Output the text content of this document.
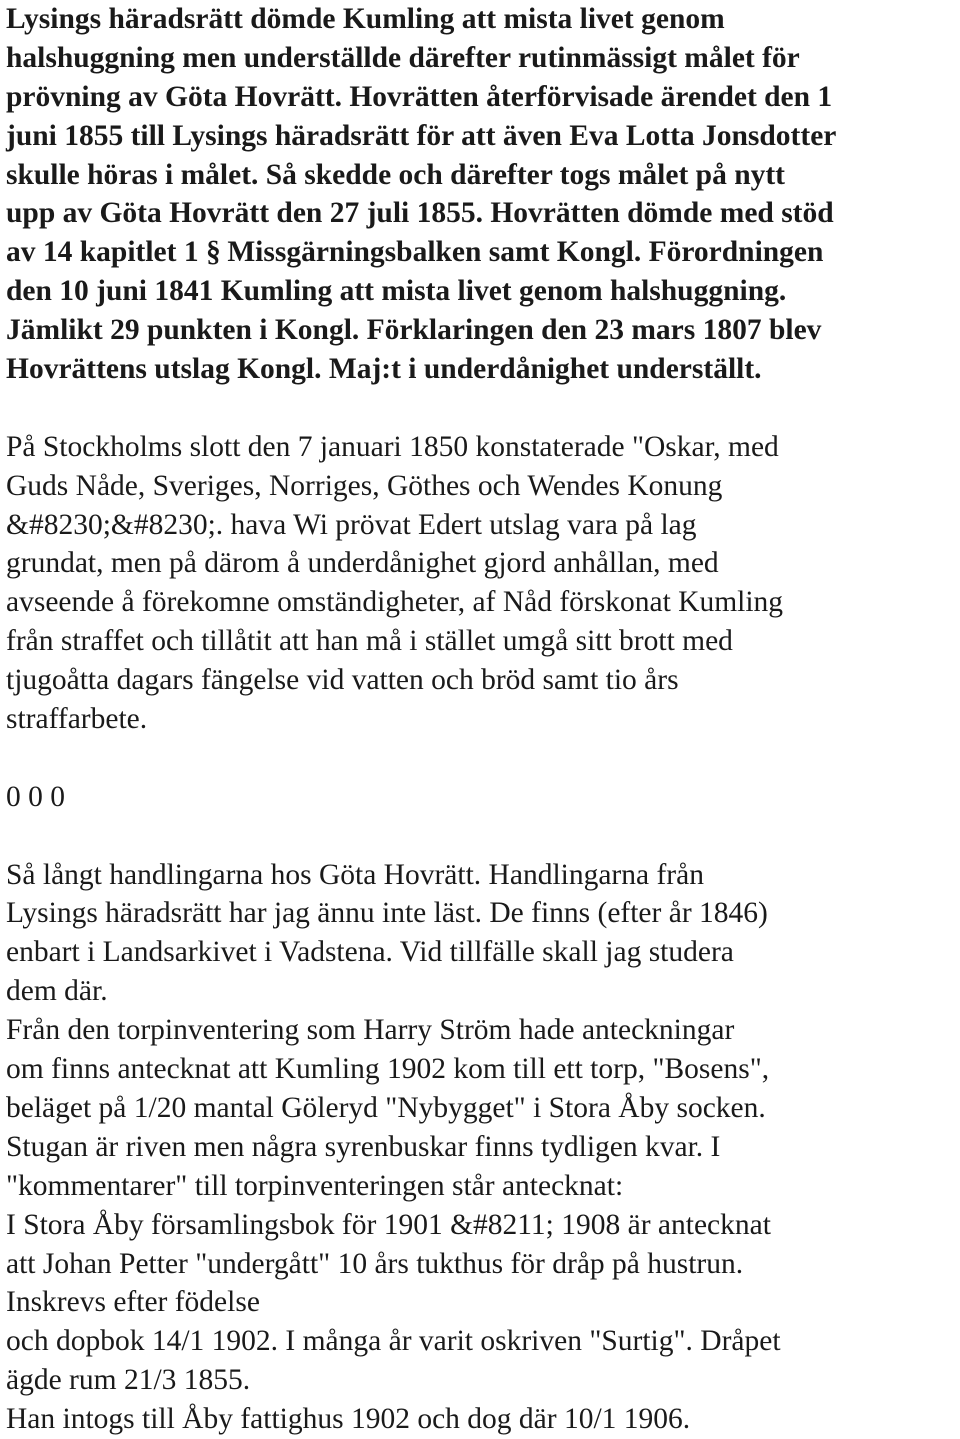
Lysings häradsrätt dömde Kumling att mista livet genom
halshuggning men underställde därefter rutinmässigt målet för
prövning av Göta Hovrätt. Hovrätten återförvisade ärendet den 1
juni 1855 till Lysings häradsrätt för att även Eva Lotta Jonsdotter
skulle höras i målet. Så skedde och därefter togs målet på nytt
upp av Göta Hovrätt den 27 juli 1855. Hovrätten dömde med stöd
av 14 kapitlet 1 § Missgärningsbalken samt Kongl. Förordningen
den 10 juni 1841 Kumling att mista livet genom halshuggning.
Jämlikt 29 punkten i Kongl. Förklaringen den 23 mars 1807 blev
Hovrättens utslag Kongl. Maj:t i underdånighet underställt.
På Stockholms slott den 7 januari 1850 konstaterade "Oskar, med
Guds Nåde, Sveriges, Norriges, Göthes och Wendes Konung
&#8230;&#8230;. hava Wi prövat Edert utslag vara på lag
grundat, men på därom å underdånighet gjord anhållan, med
avseende å förekomne omständigheter, af Nåd förskonat Kumling
från straffet och tillåtit att han må i stället umgå sitt brott med
tjugoåtta dagars fängelse vid vatten och bröd samt tio års
straffarbete.
0 0 0
Så långt handlingarna hos Göta Hovrätt. Handlingarna från
Lysings häradsrätt har jag ännu inte läst. De finns (efter år 1846)
enbart i Landsarkivet i Vadstena. Vid tillfälle skall jag studera
dem där.
Från den torpinventering som Harry Ström hade anteckningar
om finns antecknat att Kumling 1902 kom till ett torp, "Bosens",
beläget på 1/20 mantal Göleryd "Nybygget" i Stora Åby socken.
Stugan är riven men några syrenbuskar finns tydligen kvar. I
"kommentarer" till torpinventeringen står antecknat:
I Stora Åby församlingsbok för 1901 &#8211; 1908 är antecknat
att Johan Petter "undergått" 10 års tukthus för dråp på hustrun.
Inskrevs efter födelse
och dopbok 14/1 1902. I många år varit oskriven "Surtig". Dråpet
ägde rum 21/3 1855.
Han intogs till Åby fattighus 1902 och dog där 10/1 1906.
